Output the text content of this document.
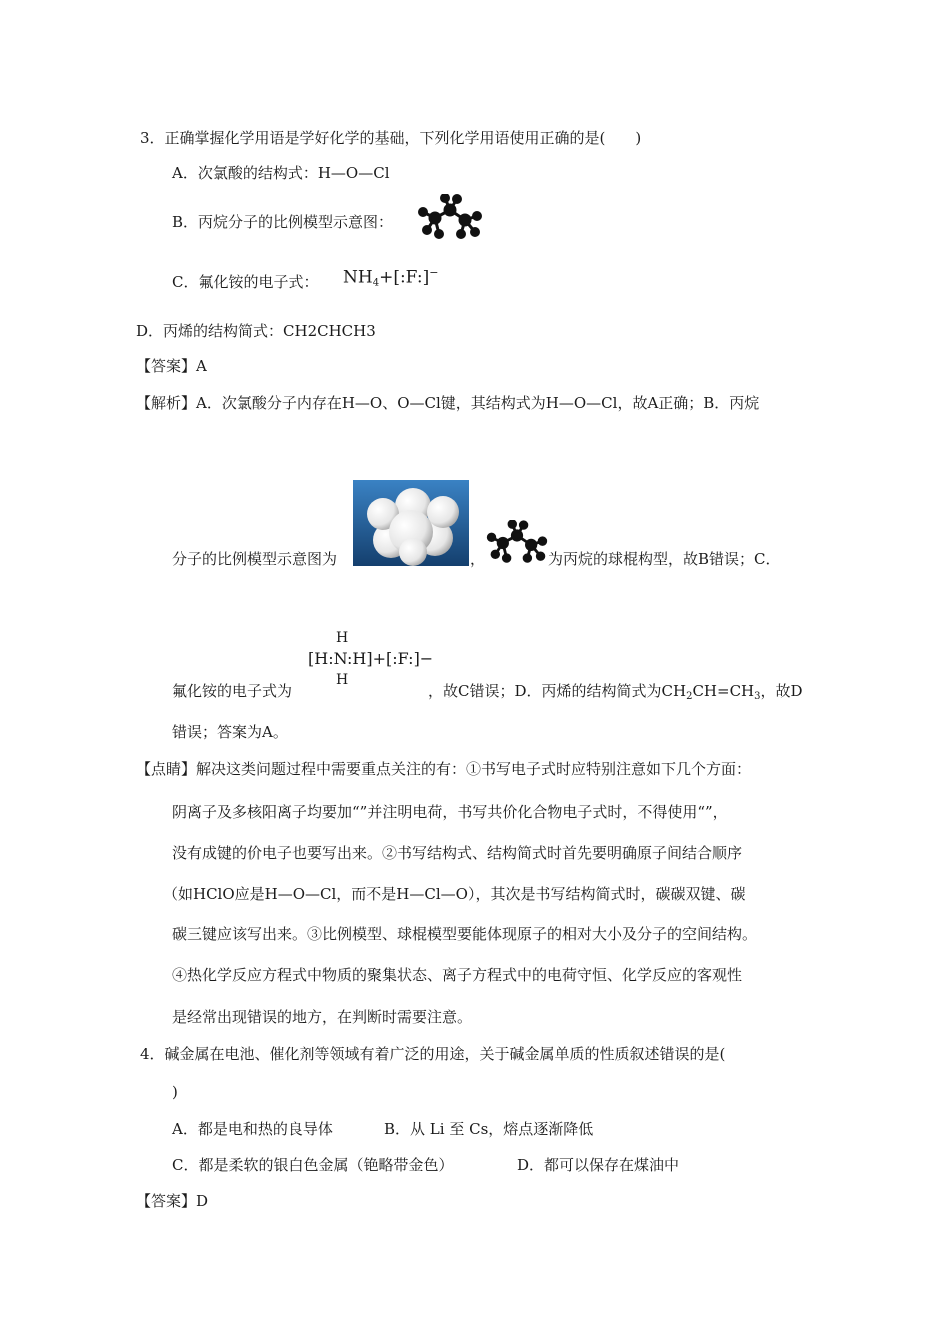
3．正确掌握化学用语是学好化学的基础，下列化学用语使用正确的是(　　)
A．次氯酸的结构式：H—O—Cl
B．丙烷分子的比例模型示意图：
C．氟化铵的电子式： $NH_4+[:F:]^-$
D．丙烯的结构简式：CH2CHCH3
【答案】A
【解析】A．次氯酸分子内存在H—O、O—Cl键，其结构式为H—O—Cl，故A正确；B．丙烷
分子的比例模型示意图为	，	为丙烷的球棍构型，故B错误；C．
H
[H:N:H]+[:F:]−
H
氟化铵的电子式为	，故C错误；D．丙烯的结构简式为$CH_2CH=CH_3$，故D
错误；答案为A。
【点睛】解决这类问题过程中需要重点关注的有：①书写电子式时应特别注意如下几个方面：
阴离子及多核阳离子均要加“”并注明电荷，书写共价化合物电子式时，不得使用“”，
没有成键的价电子也要写出来。②书写结构式、结构简式时首先要明确原子间结合顺序
（如HClO应是H—O—Cl，而不是H—Cl—O），其次是书写结构简式时，碳碳双键、碳
碳三键应该写出来。③比例模型、球棍模型要能体现原子的相对大小及分子的空间结构。
④热化学反应方程式中物质的聚集状态、离子方程式中的电荷守恒、化学反应的客观性
是经常出现错误的地方，在判断时需要注意。
4．碱金属在电池、催化剂等领域有着广泛的用途，关于碱金属单质的性质叙述错误的是(
)
A．都是电和热的良导体	B．从 Li 至 Cs，熔点逐渐降低
C．都是柔软的银白色金属（铯略带金色）	D．都可以保存在煤油中
【答案】D
